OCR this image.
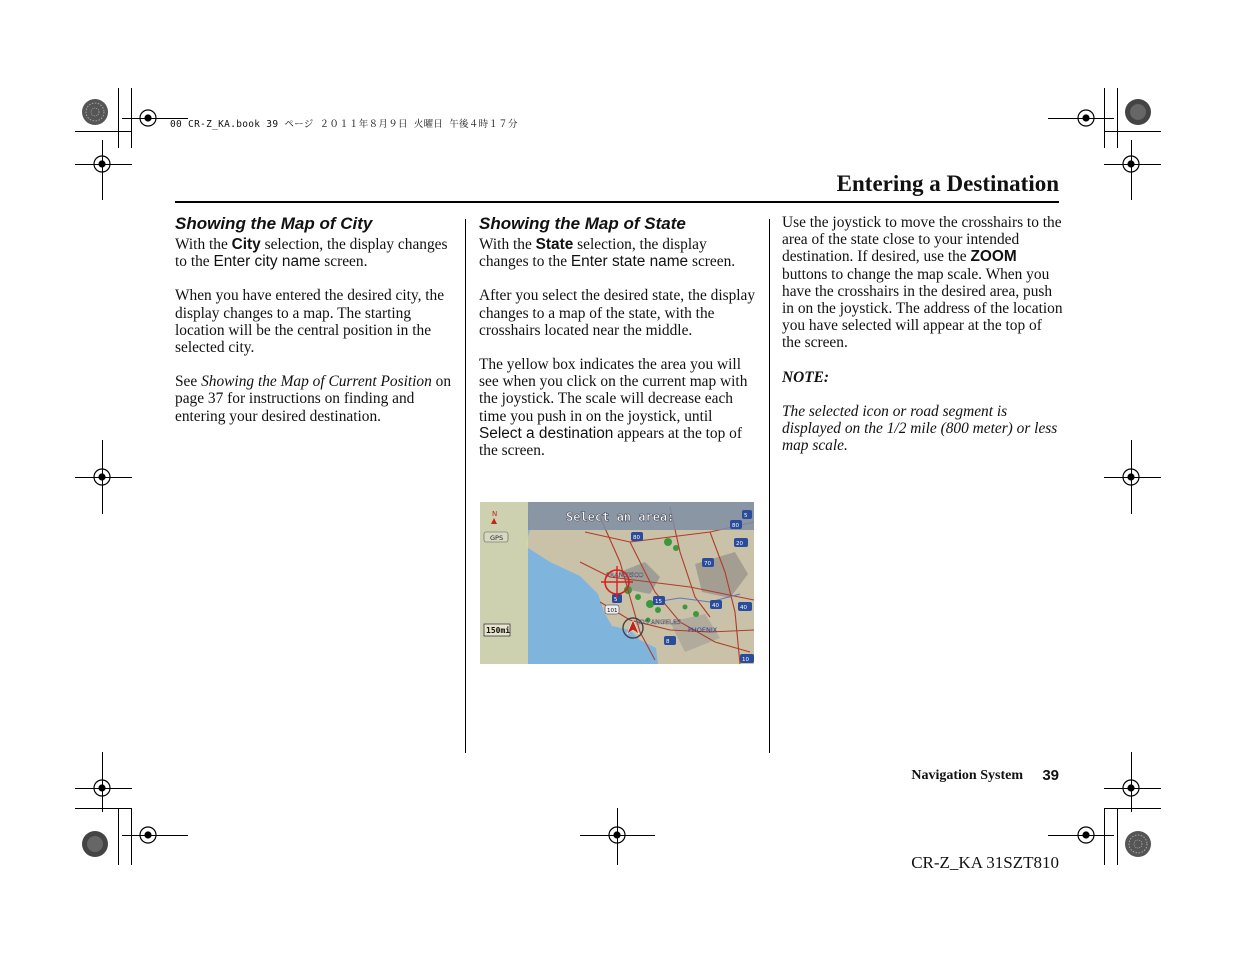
00 CR-Z_KA.book 39 ページ ２０１１年８月９日 火曜日 午後４時１７分
Entering a Destination
Showing the Map of City

With the City selection, the display changes to the Enter city name screen.

When you have entered the desired city, the display changes to a map. The starting location will be the central position in the selected city.

See Showing the Map of Current Position on page 37 for instructions on finding and entering your desired destination.

Showing the Map of State

With the State selection, the display changes to the Enter state name screen.

After you select the desired state, the display changes to a map of the state, with the crosshairs located near the middle.

The yellow box indicates the area you will see when you click on the current map with the joystick. The scale will decrease each time you push in on the joystick, until Select a destination appears at the top of the screen.

Select an area:
N
GPS
150mi
FRANCISCO
LOS ANGELES
PHOENIX
80
80
5
70
15
40	40
101
5
8
10
20

Use the joystick to move the crosshairs to the area of the state close to your intended destination. If desired, use the ZOOM buttons to change the map scale. When you have the crosshairs in the desired area, push in on the joystick. The address of the location you have selected will appear at the top of the screen.

NOTE:

The selected icon or road segment is displayed on the 1/2 mile (800 meter) or less map scale.

Navigation System 39
CR-Z_KA 31SZT810
